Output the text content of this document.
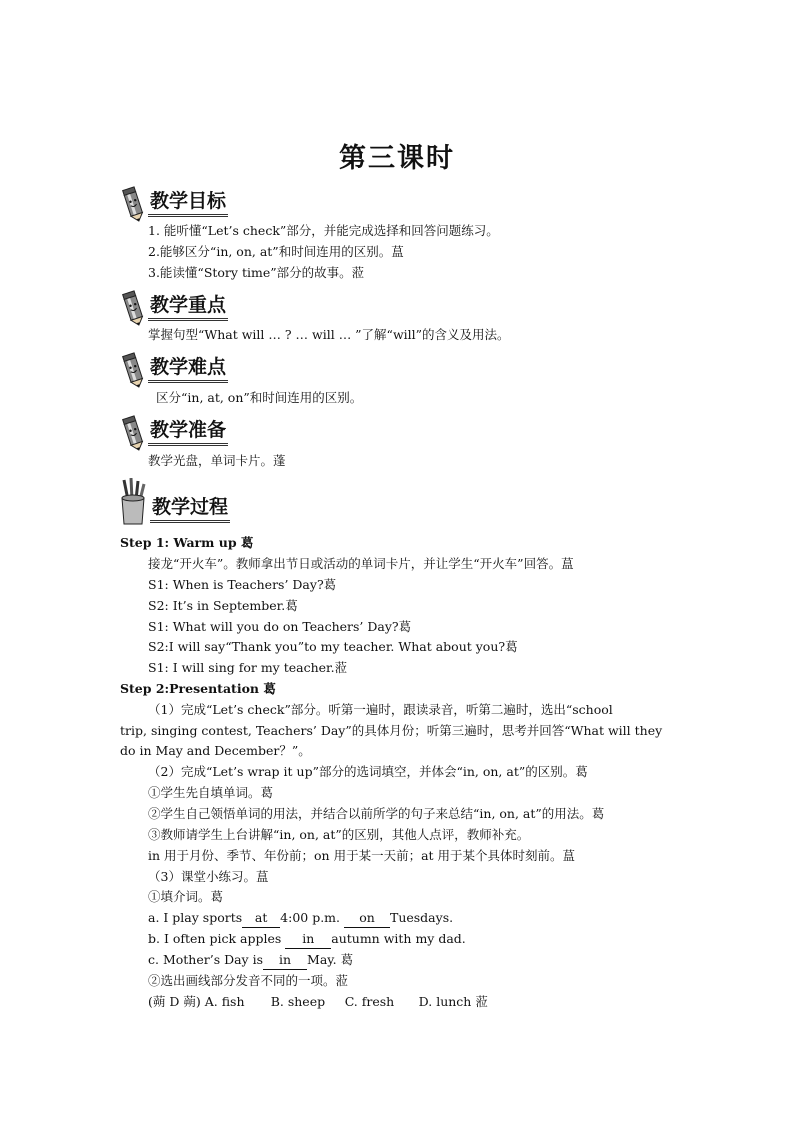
第三课时
教学目标
1. 能听懂“Let’s check”部分，并能完成选择和回答问题练习。
2.能够区分“in, on, at”和时间连用的区别。蒀
3.能读懂“Story time”部分的故事。蒞
教学重点
掌握句型“What will … ? … will … ”了解“will”的含义及用法。
教学难点
区分“in, at, on”和时间连用的区别。
教学准备
教学光盘，单词卡片。蓬
教学过程
Step 1: Warm up 葛
接龙“开火车”。教师拿出节日或活动的单词卡片，并让学生“开火车”回答。蒀
S1: When is Teachers’ Day?葛
S2: It’s in September.葛
S1: What will you do on Teachers’ Day?葛
S2:I will say“Thank you”to my teacher. What about you?葛
S1: I will sing for my teacher.蒞
Step 2:Presentation 葛
（1）完成“Let’s check”部分。听第一遍时，跟读录音，听第二遍时，选出“school
trip, singing contest, Teachers’ Day”的具体月份；听第三遍时，思考并回答“What will they
do in May and December？”。
（2）完成“Let’s wrap it up”部分的选词填空，并体会“in, on, at”的区别。葛
①学生先自填单词。葛
②学生自己领悟单词的用法，并结合以前所学的句子来总结“in, on, at”的用法。葛
③教师请学生上台讲解“in, on, at”的区别，其他人点评，教师补充。
in 用于月份、季节、年份前；on 用于某一天前；at 用于某个具体时刻前。蒀
（3）课堂小练习。蒀
①填介词。葛
a. I play sports at 4:00 p.m. on Tuesdays.
b. I often pick apples in autumn with my dad.
c. Mother’s Day is in May. 葛
②选出画线部分发音不同的一项。蒞
(蒴 D 蒴) A. fish B. sheep C. fresh D. lunch 蒞
